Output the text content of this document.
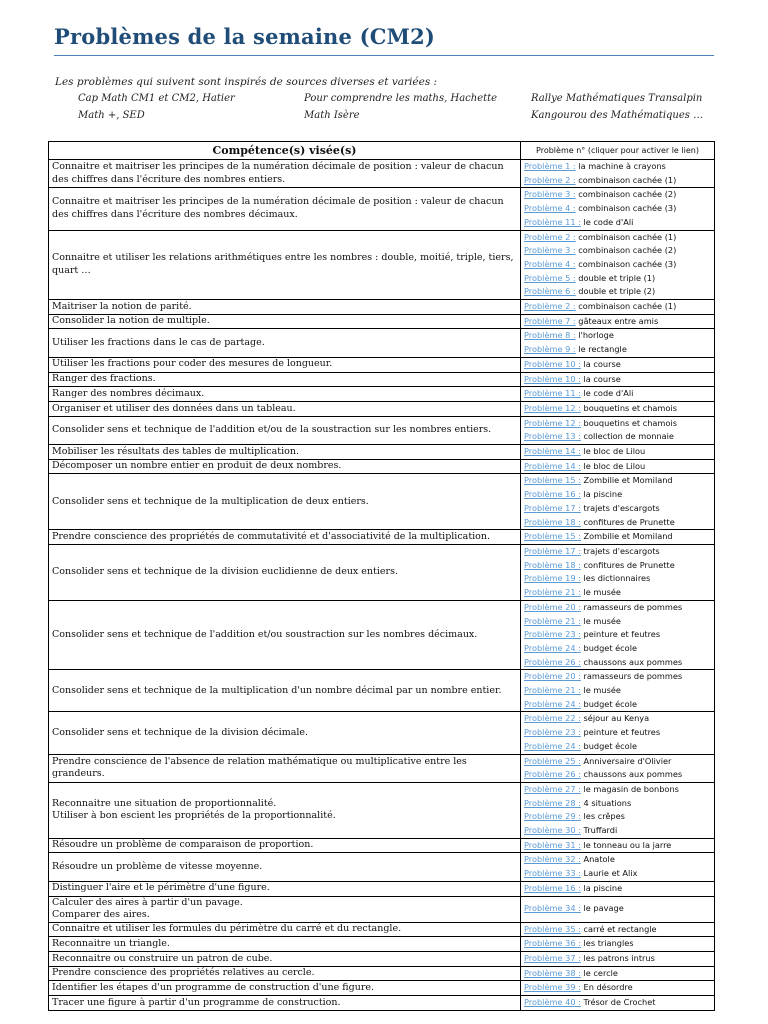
Problèmes de la semaine (CM2)
Les problèmes qui suivent sont inspirés de sources diverses et variées :
Cap Math CM1 et CM2, Hatier	Pour comprendre les maths, Hachette	Rallye Mathématiques Transalpin
Math +, SED	Math Isère	Kangourou des Mathématiques …
Compétence(s) visée(s)	Problème n° (cliquer pour activer le lien)

Connaitre et maitriser les principes de la numération décimale de position : valeur de chacun des chiffres dans l'écriture des nombres entiers.	Problème 1 : la machine à crayons
Problème 2 : combinaison cachée (1)

Connaitre et maitriser les principes de la numération décimale de position : valeur de chacun des chiffres dans l'écriture des nombres décimaux.	Problème 3 : combinaison cachée (2)
Problème 4 : combinaison cachée (3)
Problème 11 : le code d'Ali

Connaitre et utiliser les relations arithmétiques entre les nombres : double, moitié, triple, tiers, quart …	Problème 2 : combinaison cachée (1)
Problème 3 : combinaison cachée (2)
Problème 4 : combinaison cachée (3)
Problème 5 : double et triple (1)
Problème 6 : double et triple (2)

Maitriser la notion de parité.	Problème 2 : combinaison cachée (1)

Consolider la notion de multiple.	Problème 7 : gâteaux entre amis

Utiliser les fractions dans le cas de partage.	Problème 8 : l'horloge
Problème 9 : le rectangle

Utiliser les fractions pour coder des mesures de longueur.	Problème 10 : la course

Ranger des fractions.	Problème 10 : la course

Ranger des nombres décimaux.	Problème 11 : le code d'Ali

Organiser et utiliser des données dans un tableau.	Problème 12 : bouquetins et chamois

Consolider sens et technique de l'addition et/ou de la soustraction sur les nombres entiers.	Problème 12 : bouquetins et chamois
Problème 13 : collection de monnaie

Mobiliser les résultats des tables de multiplication.	Problème 14 : le bloc de Lilou

Décomposer un nombre entier en produit de deux nombres.	Problème 14 : le bloc de Lilou

Consolider sens et technique de la multiplication de deux entiers.	Problème 15 : Zombilie et Momiland
Problème 16 : la piscine
Problème 17 : trajets d'escargots
Problème 18 : confitures de Prunette

Prendre conscience des propriétés de commutativité et d'associativité de la multiplication.	Problème 15 : Zombilie et Momiland

Consolider sens et technique de la division euclidienne de deux entiers.	Problème 17 : trajets d'escargots
Problème 18 : confitures de Prunette
Problème 19 : les dictionnaires
Problème 21 : le musée

Consolider sens et technique de l'addition et/ou soustraction sur les nombres décimaux.	Problème 20 : ramasseurs de pommes
Problème 21 : le musée
Problème 23 : peinture et feutres
Problème 24 : budget école
Problème 26 : chaussons aux pommes

Consolider sens et technique de la multiplication d'un nombre décimal par un nombre entier.	Problème 20 : ramasseurs de pommes
Problème 21 : le musée
Problème 24 : budget école

Consolider sens et technique de la division décimale.	Problème 22 : séjour au Kenya
Problème 23 : peinture et feutres
Problème 24 : budget école

Prendre conscience de l'absence de relation mathématique ou multiplicative entre les grandeurs.	Problème 25 : Anniversaire d'Olivier
Problème 26 : chaussons aux pommes

Reconnaitre une situation de proportionnalité.
Utiliser à bon escient les propriétés de la proportionnalité.	Problème 27 : le magasin de bonbons
Problème 28 : 4 situations
Problème 29 : les crêpes
Problème 30 : Truffardi

Résoudre un problème de comparaison de proportion.	Problème 31 : le tonneau ou la jarre

Résoudre un problème de vitesse moyenne.	Problème 32 : Anatole
Problème 33 : Laurie et Alix

Distinguer l'aire et le périmètre d'une figure.	Problème 16 : la piscine

Calculer des aires à partir d'un pavage.
Comparer des aires.	Problème 34 : le pavage

Connaitre et utiliser les formules du périmètre du carré et du rectangle.	Problème 35 : carré et rectangle

Reconnaitre un triangle.	Problème 36 : les triangles

Reconnaitre ou construire un patron de cube.	Problème 37 : les patrons intrus

Prendre conscience des propriétés relatives au cercle.	Problème 38 : le cercle

Identifier les étapes d'un programme de construction d'une figure.	Problème 39 : En désordre

Tracer une figure à partir d'un programme de construction.	Problème 40 : Trésor de Crochet
